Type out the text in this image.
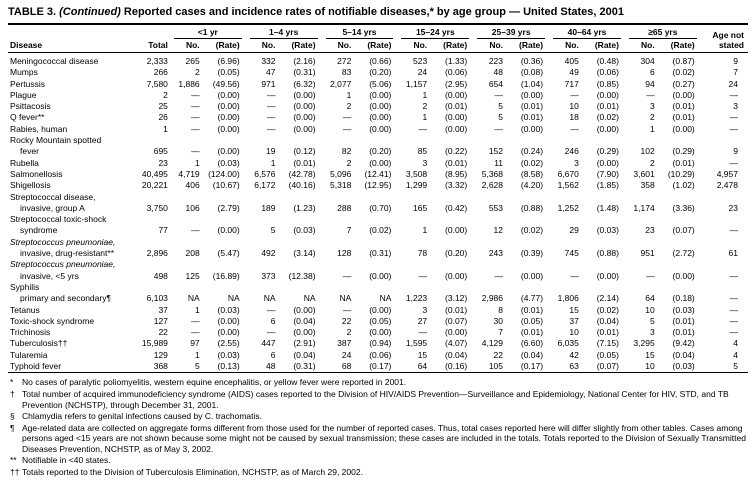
TABLE 3. (Continued) Reported cases and incidence rates of notifiable diseases,* by age group — United States, 2001
Disease	Total	<1 yr		1–4 yrs		5–14 yrs		15–24 yrs		25–39 yrs		40–64 yrs		≥65 yrs		Age not stated
		No.	(Rate)	No.	(Rate)	No.	(Rate)	No.	(Rate)	No.	(Rate)	No.	(Rate)	No.	(Rate)	
Meningococcal disease	2,333	265	(6.96)	332	(2.16)	272	(0.66)	523	(1.33)	223	(0.36)	405	(0.48)	304	(0.87)	9
Mumps	266	2	(0.05)	47	(0.31)	83	(0.20)	24	(0.06)	48	(0.08)	49	(0.06)	6	(0.02)	7
Pertussis	7,580	1,886	(49.56)	971	(6.32)	2,077	(5.06)	1,157	(2.95)	654	(1.04)	717	(0.85)	94	(0.27)	24
Plague	2	—	(0.00)	—	(0.00)	1	(0.00)	1	(0.00)	—	(0.00)	—	(0.00)	—	(0.00)	—
Psittacosis	25	—	(0.00)	—	(0.00)	2	(0.00)	2	(0.01)	5	(0.01)	10	(0.01)	3	(0.01)	3
Q fever**	26	—	(0.00)	—	(0.00)	—	(0.00)	1	(0.00)	5	(0.01)	18	(0.02)	2	(0.01)	—
Rabies, human	1	—	(0.00)	—	(0.00)	—	(0.00)	—	(0.00)	—	(0.00)	—	(0.00)	1	(0.00)	—
Rocky Mountain spotted																
fever	695	—	(0.00)	19	(0.12)	82	(0.20)	85	(0.22)	152	(0.24)	246	(0.29)	102	(0.29)	9
Rubella	23	1	(0.03)	1	(0.01)	2	(0.00)	3	(0.01)	11	(0.02)	3	(0.00)	2	(0.01)	—
Salmonellosis	40,495	4,719	(124.00)	6,576	(42.78)	5,096	(12.41)	3,508	(8.95)	5,368	(8.58)	6,670	(7.90)	3,601	(10.29)	4,957
Shigellosis	20,221	406	(10.67)	6,172	(40.16)	5,318	(12.95)	1,299	(3.32)	2,628	(4.20)	1,562	(1.85)	358	(1.02)	2,478
Streptococcal disease,																
invasive, group A	3,750	106	(2.79)	189	(1.23)	288	(0.70)	165	(0.42)	553	(0.88)	1,252	(1.48)	1,174	(3.36)	23
Streptococcal toxic-shock																
syndrome	77	—	(0.00)	5	(0.03)	7	(0.02)	1	(0.00)	12	(0.02)	29	(0.03)	23	(0.07)	—
Streptococcus pneumoniae,																
invasive, drug-resistant**	2,896	208	(5.47)	492	(3.14)	128	(0.31)	78	(0.20)	243	(0.39)	745	(0.88)	951	(2.72)	61
Streptococcus pneumoniae,																
invasive, <5 yrs	498	125	(16.89)	373	(12.38)	—	(0.00)	—	(0.00)	—	(0.00)	—	(0.00)	—	(0.00)	—
Syphilis																
primary and secondary¶	6,103	NA	NA	NA	NA	NA	NA	1,223	(3.12)	2,986	(4.77)	1,806	(2.14)	64	(0.18)	—
Tetanus	37	1	(0.03)	—	(0.00)	—	(0.00)	3	(0.01)	8	(0.01)	15	(0.02)	10	(0.03)	—
Toxic-shock syndrome	127	—	(0.00)	6	(0.04)	22	(0.05)	27	(0.07)	30	(0.05)	37	(0.04)	5	(0.01)	—
Trichinosis	22	—	(0.00)	—	(0.00)	2	(0.00)	—	(0.00)	7	(0.01)	10	(0.01)	3	(0.01)	—
Tuberculosis††	15,989	97	(2.55)	447	(2.91)	387	(0.94)	1,595	(4.07)	4,129	(6.60)	6,035	(7.15)	3,295	(9.42)	4
Tularemia	129	1	(0.03)	6	(0.04)	24	(0.06)	15	(0.04)	22	(0.04)	42	(0.05)	15	(0.04)	4
Typhoid fever	368	5	(0.13)	48	(0.31)	68	(0.17)	64	(0.16)	105	(0.17)	63	(0.07)	10	(0.03)	5
* No cases of paralytic poliomyelitis, western equine encephalitis, or yellow fever were reported in 2001.
† Total number of acquired immunodeficiency syndrome (AIDS) cases reported to the Division of HIV/AIDS Prevention—Surveillance and Epidemiology, National Center for HIV, STD, and TB Prevention (NCHSTP), through December 31, 2001.
§ Chlamydia refers to genital infections caused by C. trachomatis.
¶ Age-related data are collected on aggregate forms different from those used for the number of reported cases. Thus, total cases reported here will differ slightly from other tables. Cases among persons aged <15 years are not shown because some might not be caused by sexual transmission; these cases are included in the totals. Totals reported to the Division of Sexually Transmitted Diseases Prevention, NCHSTP, as of May 3, 2002.
** Notifiable in <40 states.
†† Totals reported to the Division of Tuberculosis Elimination, NCHSTP, as of March 29, 2002.
